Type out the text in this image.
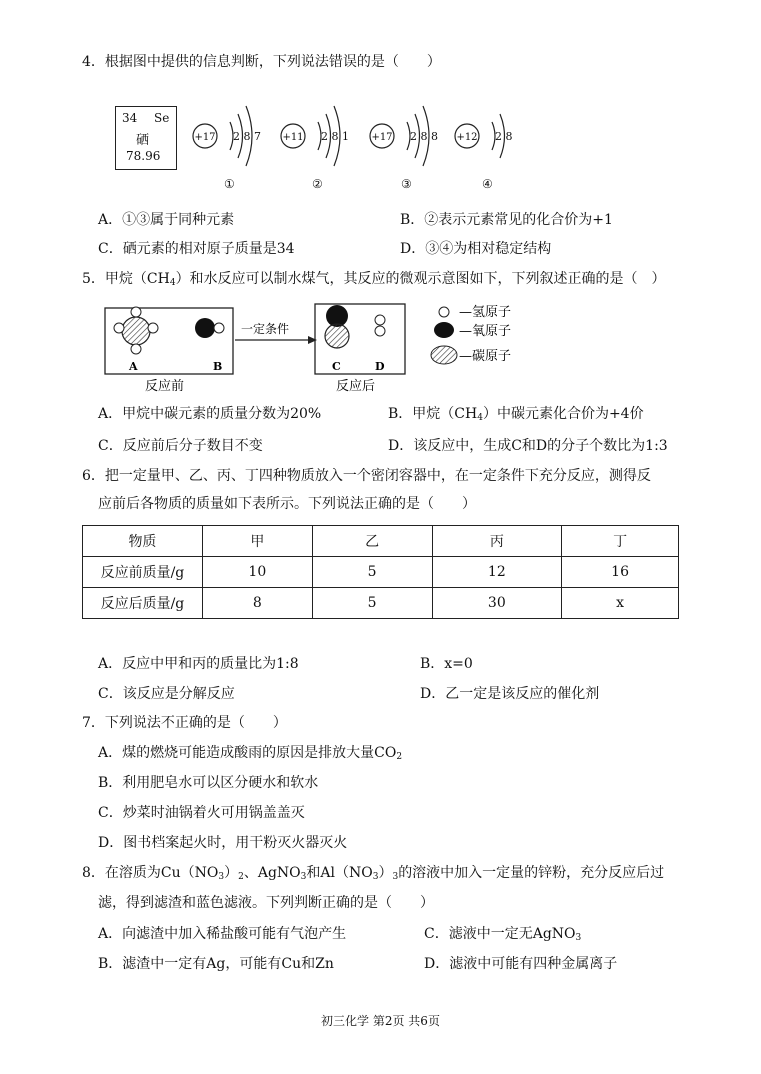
4．根据图中提供的信息判断，下列说法错误的是（　　）
34 Se
硒
78.96
+17 2 8 7
①
+11 2 8 1
②
+17 2 8 8
③
+12 2 8
④
A．①③属于同种元素	B．②表示元素常见的化合价为+1
C．硒元素的相对原子质量是34	D．③④为相对稳定结构
5．甲烷$(CH_4)$和水反应可以制水煤气，其反应的微观示意图如下，下列叙述正确的是（　）
A	B
一定条件
C	D
反应前	反应后
—氢原子
—氧原子
—碳原子
A．甲烷中碳元素的质量分数为20%	B．甲烷$(CH_4)$中碳元素化合价为+4价
C．反应前后分子数目不变	D．该反应中，生成C和D的分子个数比为1:3
6．把一定量甲、乙、丙、丁四种物质放入一个密闭容器中，在一定条件下充分反应，测得反
应前后各物质的质量如下表所示。下列说法正确的是（　　）
物质	甲	乙	丙	丁
反应前质量/g	10	5	12	16
反应后质量/g	8	5	30	x
A．反应中甲和丙的质量比为1:8	B．x=0
C．该反应是分解反应	D．乙一定是该反应的催化剂
7．下列说法不正确的是（　　）
A．煤的燃烧可能造成酸雨的原因是排放大量$CO_2$
B．利用肥皂水可以区分硬水和软水
C．炒菜时油锅着火可用锅盖盖灭
D．图书档案起火时，用干粉灭火器灭火
8．在溶质为$Cu(NO_3)_2$、AgNO$_3$和$Al(NO_3)_3$的溶液中加入一定量的锌粉，充分反应后过
滤，得到滤渣和蓝色滤液。下列判断正确的是（　　）
A．向滤渣中加入稀盐酸可能有气泡产生	C．滤液中一定无AgNO$_3$
B．滤渣中一定有Ag，可能有Cu和Zn	D．滤液中可能有四种金属离子
初三化学 第2页 共6页
